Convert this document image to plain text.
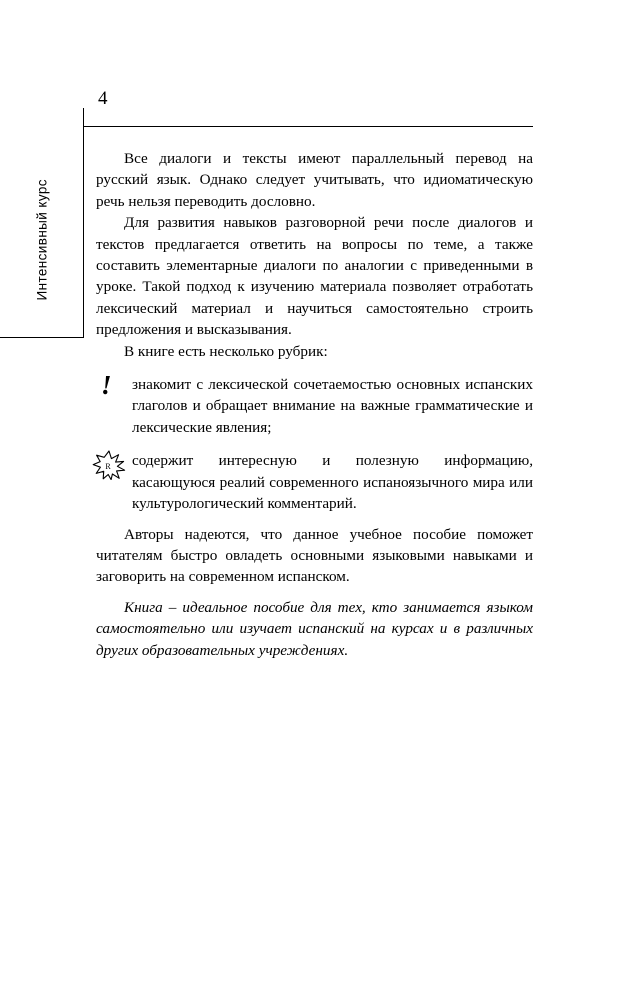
Интенсивный курс
4

Все диалоги и тексты имеют параллельный перевод на русский язык. Однако следует учитывать, что идиоматическую речь нельзя переводить дословно.

Для развития навыков разговорной речи после диалогов и текстов предлагается ответить на вопросы по теме, а также составить элементарные диалоги по аналогии с приведенными в уроке. Такой подход к изучению материала позволяет отработать лексический материал и научиться самостоятельно строить предложения и высказывания.

В книге есть несколько рубрик:

! знакомит с лексической сочетаемостью основных испанских глаголов и обращает внимание на важные грамматические и лексические явления;

R содержит интересную и полезную информацию, касающуюся реалий современного испаноязычного мира или культурологический комментарий.

Авторы надеются, что данное учебное пособие поможет читателям быстро овладеть основными языковыми навыками и заговорить на современном испанском.

Книга – идеальное пособие для тех, кто занимается языком самостоятельно или изучает испанский на курсах и в различных других образовательных учреждениях.
